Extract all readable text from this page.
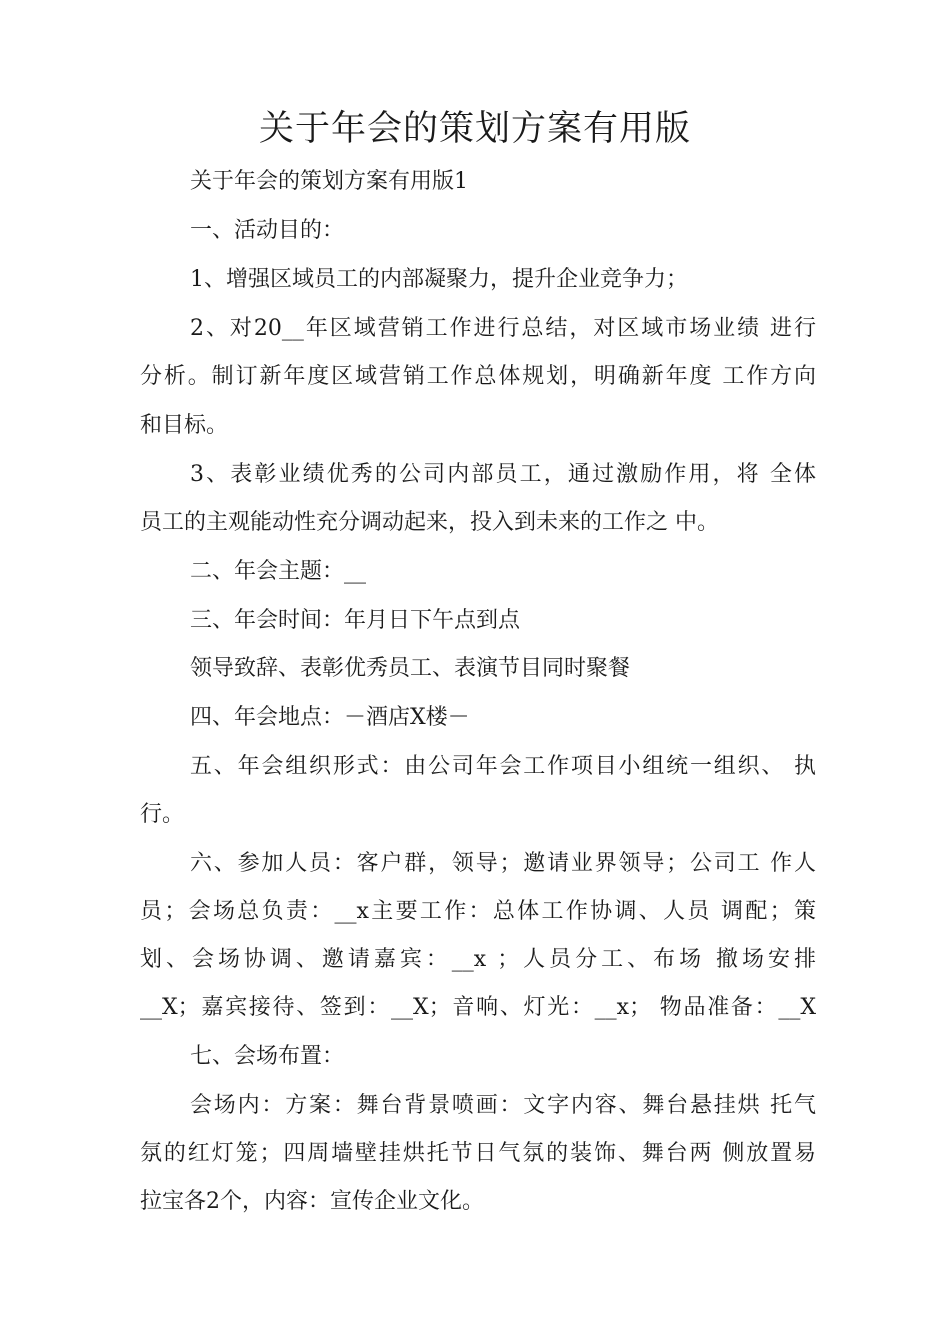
关于年会的策划方案有用版
关于年会的策划方案有用版1
一、活动目的：
1、增强区域员工的内部凝聚力，提升企业竞争力；
2、对20__年区域营销工作进行总结，对区域市场业绩 进行
分析。制订新年度区域营销工作总体规划，明确新年度 工作方向
和目标。
3、表彰业绩优秀的公司内部员工，通过激励作用，将 全体
员工的主观能动性充分调动起来，投入到未来的工作之 中。
二、年会主题：__
三、年会时间：年月日下午点到点
领导致辞、表彰优秀员工、表演节目同时聚餐
四、年会地点：－酒店X楼－
五、年会组织形式：由公司年会工作项目小组统一组织、 执
行。
六、参加人员：客户群，领导；邀请业界领导；公司工 作人
员；会场总负责：__x主要工作：总体工作协调、人员 调配；策
划、会场协调、邀请嘉宾：__x ；人员分工、布场 撤场安排
__X；嘉宾接待、签到：__X；音响、灯光：__x； 物品准备：__X
七、会场布置：
会场内：方案：舞台背景喷画：文字内容、舞台悬挂烘 托气
氛的红灯笼；四周墙壁挂烘托节日气氛的装饰、舞台两 侧放置易
拉宝各2个，内容：宣传企业文化。
